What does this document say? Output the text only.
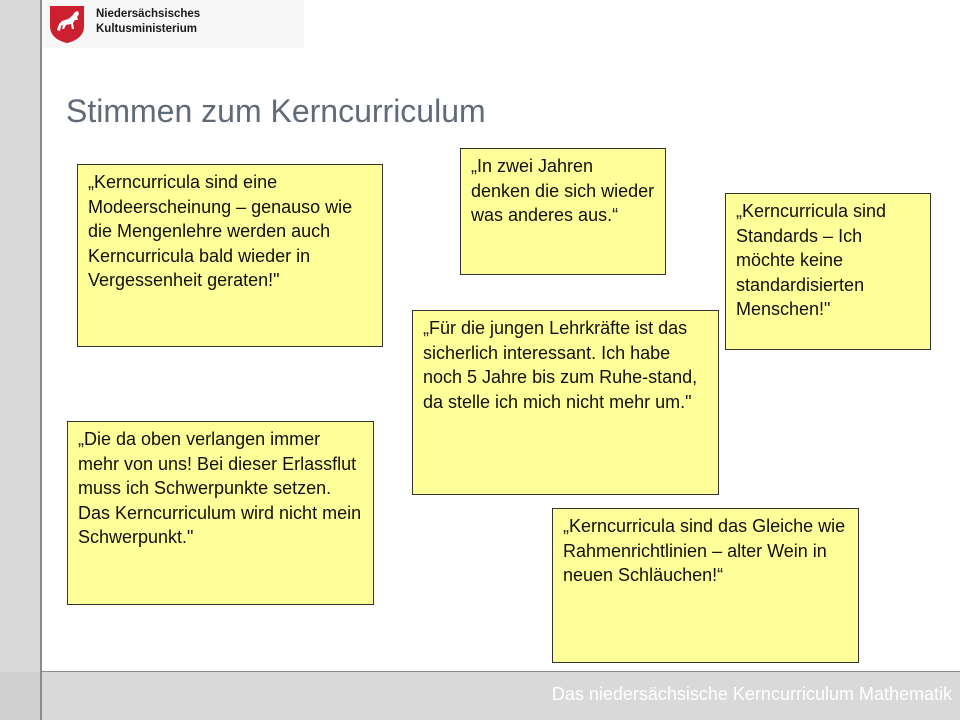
Niedersächsisches
Kultusministerium
Stimmen zum Kerncurriculum
„Kerncurricula sind eine Modeerscheinung – genauso wie die Mengenlehre werden auch Kerncurricula bald wieder in Vergessenheit geraten!"
„In zwei Jahren denken die sich wieder was anderes aus.“	„Kerncurricula sind Standards – Ich möchte keine standardisierten Menschen!"
„Für die jungen Lehrkräfte ist das sicherlich interessant. Ich habe noch 5 Jahre bis zum Ruhe-stand, da stelle ich mich nicht mehr um."
„Die da oben verlangen immer mehr von uns! Bei dieser Erlassflut muss ich Schwerpunkte setzen. Das Kerncurriculum wird nicht mein Schwerpunkt."
„Kerncurricula sind das Gleiche wie Rahmenrichtlinien – alter Wein in neuen Schläuchen!“
Das niedersächsische Kerncurriculum Mathematik
